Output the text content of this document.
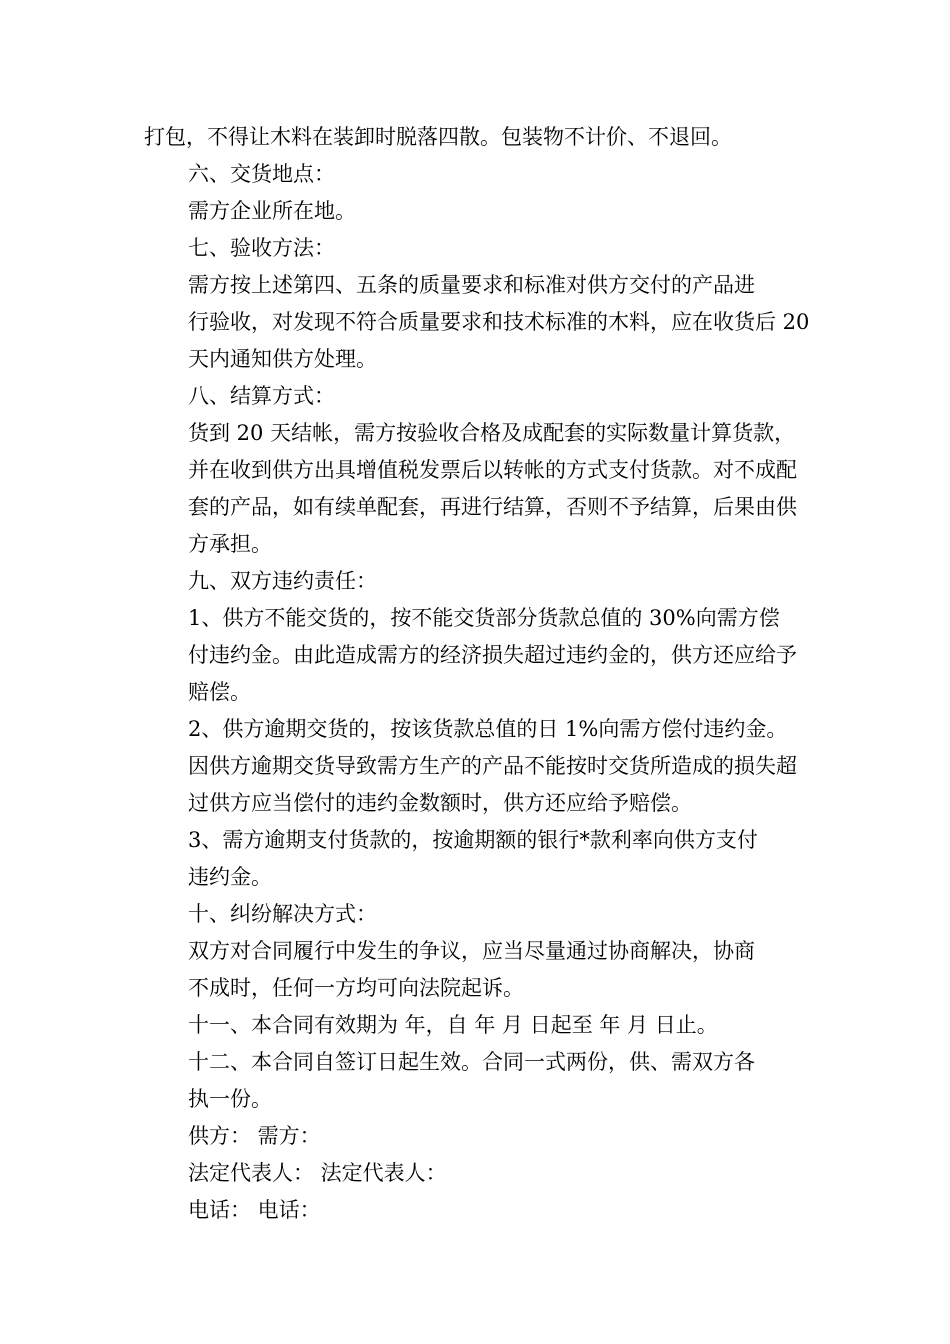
打包，不得让木料在装卸时脱落四散。包装物不计价、不退回。

六、交货地点：

需方企业所在地。

七、验收方法：

需方按上述第四、五条的质量要求和标准对供方交付的产品进
行验收，对发现不符合质量要求和技术标准的木料，应在收货后 20
天内通知供方处理。

八、结算方式：

货到 20 天结帐，需方按验收合格及成配套的实际数量计算货款，
并在收到供方出具增值税发票后以转帐的方式支付货款。对不成配
套的产品，如有续单配套，再进行结算，否则不予结算，后果由供
方承担。

九、双方违约责任：

1、供方不能交货的，按不能交货部分货款总值的 30%向需方偿
付违约金。由此造成需方的经济损失超过违约金的，供方还应给予
赔偿。

2、供方逾期交货的，按该货款总值的日 1%向需方偿付违约金。
因供方逾期交货导致需方生产的产品不能按时交货所造成的损失超
过供方应当偿付的违约金数额时，供方还应给予赔偿。

3、需方逾期支付货款的，按逾期额的银行*款利率向供方支付
违约金。

十、纠纷解决方式：

双方对合同履行中发生的争议，应当尽量通过协商解决，协商
不成时，任何一方均可向法院起诉。

十一、本合同有效期为 年，自 年 月 日起至 年 月 日止。

十二、本合同自签订日起生效。合同一式两份，供、需双方各
执一份。

供方： 需方：

法定代表人： 法定代表人：

电话： 电话：
